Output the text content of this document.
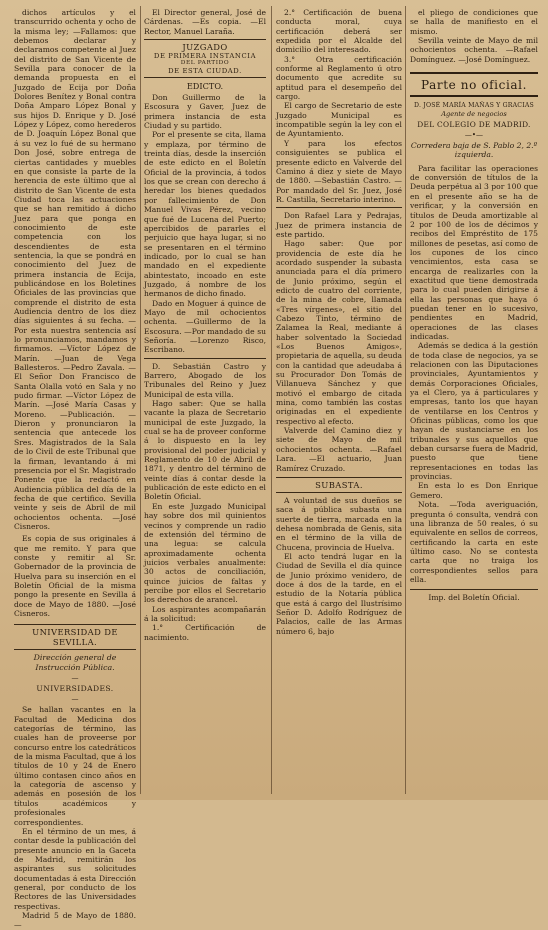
dichos artículos y el transcurrido ochenta y ocho de la misma ley; —Fallamos: que debemos declarar y declaramos competente al Juez del distrito de San Vicente de Sevilla para conocer de la demanda propuesta en el Juzgado de Ecija por Doña Dolores Benítez y Bonal contra Doña Amparo López Bonal y sus hijos D. Enrique y D. José López y López, como herederos de D. Joaquín López Bonal que á su vez lo fué de su hermano Don José, sobre entrega de ciertas cantidades y muebles en que consiste la parte de la herencia de este último que al distrito de San Vicente de esta Ciudad toca las actuaciones que se han remitido á dicho Juez para que ponga en conocimiento de este competencia con los descendientes de esta sentencia, la que se pondrá en conocimiento del Juez de primera instancia de Ecija, publicándose en los Boletines Oficiales de las provincias que comprende el distrito de esta Audiencia dentro de los diez días siguientes á su fecha. —Por esta nuestra sentencia así lo pronunciamos, mandamos y firmamos. —Víctor López de Marín. —Juan de Vega Ballesteros. —Pedro Zavala. —El Señor Don Francisco de Santa Olalla votó en Sala y no pudo firmar. —Víctor López de Marín. —José María Casas y Moreno. —Publicación. —Dieron y pronunciaron la sentencia que antecede los Sres. Magistrados de la Sala de lo Civil de este Tribunal que la firman, levantando á mi presencia por el Sr. Magistrado Ponente que la redactó en Audiencia pública del día de la fecha de que certifico. Sevilla veinte y seis de Abril de mil ochocientos ochenta. —José Cisneros.

Es copia de sus originales á que me remito. Y para que conste y remitir al Sr. Gobernador de la provincia de Huelva para su inserción en el Boletín Oficial de la misma pongo la presente en Sevilla á doce de Mayo de 1880. —José Cisneros.

UNIVERSIDAD DE SEVILLA.

Dirección general de Instrucción Pública.

—

UNIVERSIDADES.

—

Se hallan vacantes en la Facultad de Medicina dos categorías de término, las cuales han de proveerse por concurso entre los catedráticos de la misma Facultad, que á los títulos de 10 y 24 de Enero último contasen cinco años en la categoría de ascenso y además en posesión de los títulos académicos y profesionales correspondientes.

En el término de un mes, á contar desde la publicación del presente anuncio en la Gaceta de Madrid, remitirán los aspirantes sus solicitudes documentadas á esta Dirección general, por conducto de los Rectores de las Universidades respectivas.

Madrid 5 de Mayo de 1880.—

El Director general, José de Cárdenas. —Es copia. —El Rector, Manuel Laraña.

JUZGADO
DE PRIMERA INSTANCIA
DEL PARTIDO
DE ESTA CIUDAD.
EDICTO.

Don Guillermo de la Escosura y Gaver, Juez de primera instancia de esta Ciudad y su partido.

Por el presente se cita, llama y emplaza, por término de treinta días, desde la inserción de este edicto en el Boletín Oficial de la provincia, á todos los que se crean con derecho á heredar los bienes quedados por fallecimiento de Don Manuel Vivas Pérez, vecino que fué de Lucena del Puerto; apercibidos de pararles el perjuicio que haya lugar, si no se presentaren en el término indicado, por lo cual se han mandado en el expediente abintestato, incoado en este Juzgado, á nombre de los hermanos de dicho finado.

Dado en Moguer á quince de Mayo de mil ochocientos ochenta. —Guillermo de la Escosura. —Por mandado de su Señoría. —Lorenzo Risco, Escribano.

D. Sebastián Castro y Barrero, Abogado de los Tribunales del Reino y Juez Municipal de esta villa.

Hago saber: Que se halla vacante la plaza de Secretario municipal de este Juzgado, la cual se ha de proveer conforme á lo dispuesto en la ley provisional del poder judicial y Reglamento de 10 de Abril de 1871, y dentro del término de veinte días á contar desde la publicación de este edicto en el Boletín Oficial.

En este Juzgado Municipal hay sobre dos mil quinientos vecinos y comprende un radio de extensión del término de una legua: se calcula aproximadamente ochenta juicios verbales anualmente: 30 actos de conciliación, quince juicios de faltas y percibe por ellos el Secretario los derechos de arancel.

Los aspirantes acompañarán á la solicitud:

1.° Certificación de nacimiento.

2.° Certificación de buena conducta moral, cuya certificación deberá ser expedida por el Alcalde del domicilio del interesado.

3.° Otra certificación conforme al Reglamento ú otro documento que acredite su aptitud para el desempeño del cargo.

El cargo de Secretario de este Juzgado Municipal es incompatible según la ley con el de Ayuntamiento.

Y para los efectos consiguientes se publica el presente edicto en Valverde del Camino á diez y siete de Mayo de 1880. —Sebastián Castro. —Por mandado del Sr. Juez, José R. Castilla, Secretario interino.

Don Rafael Lara y Pedrajas, Juez de primera instancia de este partido.

Hago saber: Que por providencia de este día he acordado suspender la subasta anunciada para el día primero de Junio próximo, según el edicto de cuatro del corriente, de la mina de cobre, llamada «Tres vírgenes», el sitio del Cabezo Tinto, término de Zalamea la Real, mediante á haber solventado la Sociedad «Los Buenos Amigos», propietaria de aquella, su deuda con la cantidad que adeudaba á su Procurador Don Tomás de Villanueva Sánchez y que motivó el embargo de citada mina, como también las costas originadas en el expediente respectivo al efecto.

Valverde del Camino diez y siete de Mayo de mil ochocientos ochenta. —Rafael Lara. —El actuario, Juan Ramírez Cruzado.

SUBASTA.

A voluntad de sus dueños se saca á pública subasta una suerte de tierra, marcada en la dehesa nombrada de Genis, sita en el término de la villa de Chucena, provincia de Huelva.

El acto tendrá lugar en la Ciudad de Sevilla el día quince de Junio próximo venidero, de doce á dos de la tarde, en el estudio de la Notaría pública que está á cargo del Ilustrísimo Señor D. Adolfo Rodríguez de Palacios, calle de las Armas número 6, bajo

el pliego de condiciones que se halla de manifiesto en el mismo.

Sevilla veinte de Mayo de mil ochocientos ochenta. —Rafael Domínguez. —José Domínguez.

Parte no oficial.

D. JOSÉ MARÍA MAÑAS Y GRACIAS

Agente de negocios

DEL COLEGIO DE MADRID.

—•—

Corredera baja de S. Pablo 2, 2.º izquierda.

Para facilitar las operaciones de conversión de títulos de la Deuda perpétua al 3 por 100 que en el presente año se ha de verificar, y la conversión en títulos de Deuda amortizable al 2 por 100 de los de décimos y recibos del Empréstito de 175 millones de pesetas, así como de los cupones de los cinco vencimientos, esta casa se encarga de realizarles con la exactitud que tiene demostrada para lo cual pueden dirigirse á ella las personas que haya ó puedan tener en lo sucesivo, pendientes en Madrid, operaciones de las clases indicadas.

Además se dedica á la gestión de toda clase de negocios, ya se relacionen con las Diputaciones provinciales, Ayuntamientos y demás Corporaciones Oficiales, ya el Clero, ya á particulares y empresas, tanto los que hayan de ventilarse en los Centros y Oficinas públicas, como los que hayan de sustanciarse en los tribunales y sus aquellos que deban cursarse fuera de Madrid, puesto que tiene representaciones en todas las provincias.

En esta lo es Don Enrique Gemero.

Nota. —Toda averiguación, pregunta ó consulta, vendrá con una libranza de 50 reales, ó su equivalente en sellos de correos, certificando la carta en este último caso. No se contesta carta que no traiga los correspondientes sellos para ella.

Imp. del Boletín Oficial.
